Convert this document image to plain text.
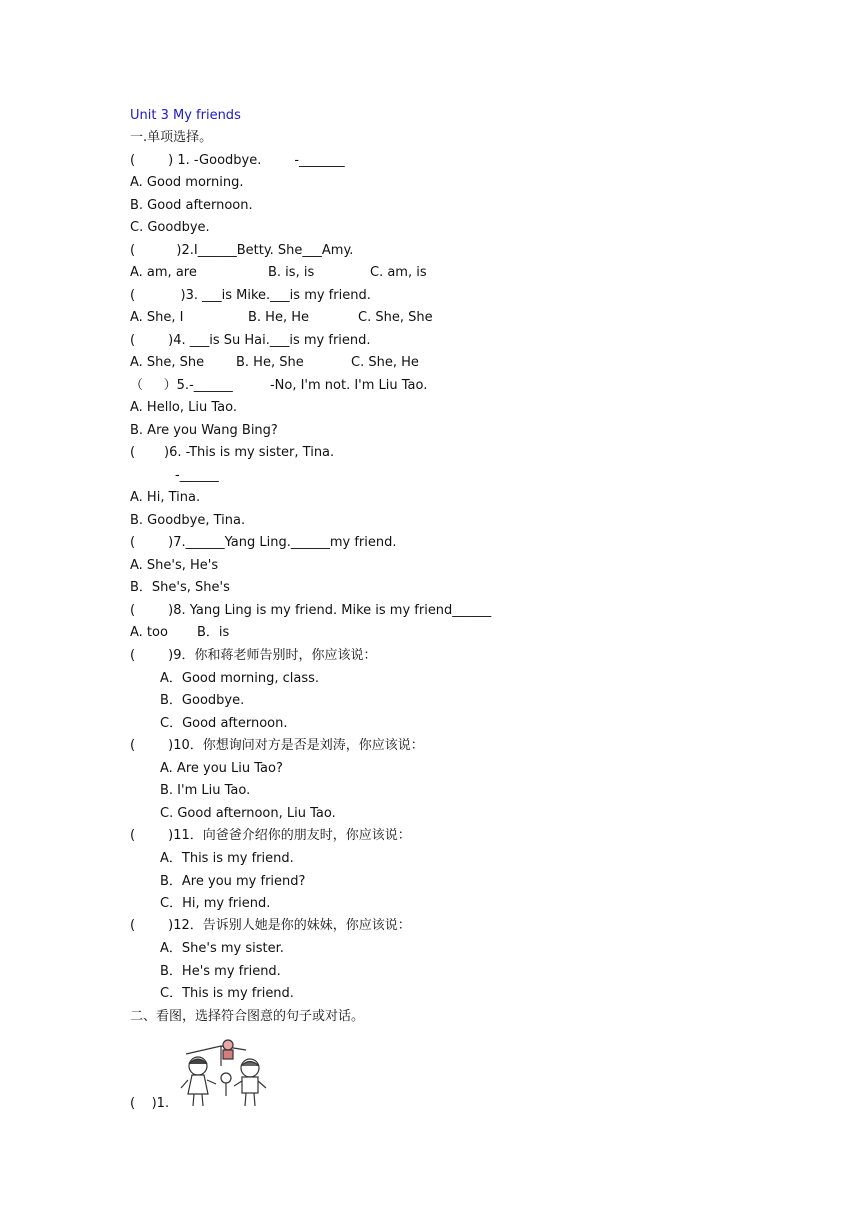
Unit 3 My friends
一.单项选择。
(        ) 1. -Goodbye.        -_______
A. Good morning.
B. Good afternoon.
C. Goodbye.
(          )2.I______Betty. She___Amy.
A. am, are	B. is, is	C. am, is
(           )3. ___is Mike.___is my friend.
A. She, I	B. He, He	C. She, She
(        )4. ___is Su Hai.___is my friend.
A. She, She B. He, She	C. She, He
（     ）5.-______         -No, I'm not. I'm Liu Tao.
A. Hello, Liu Tao.
B. Are you Wang Bing?
(       )6. -This is my sister, Tina.
-______
A. Hi, Tina.
B. Goodbye, Tina.
(        )7.______Yang Ling.______my friend.
A. She's, He's
B．She's, She's
(        )8. Yang Ling is my friend. Mike is my friend______
A. too B．is
(        )9．你和蒋老师告别时，你应该说：
A．Good morning, class.
B．Goodbye.
C．Good afternoon.
(        )10．你想询问对方是否是刘涛，你应该说：
A. Are you Liu Tao?
B. I'm Liu Tao.
C. Good afternoon, Liu Tao.
(        )11．向爸爸介绍你的朋友时，你应该说：
A．This is my friend.
B．Are you my friend?
C．Hi, my friend.
(        )12．告诉别人她是你的妹妹，你应该说：
A．She's my sister.
B．He's my friend.
C．This is my friend.
二、看图，选择符合图意的句子或对话。
(    )1.
